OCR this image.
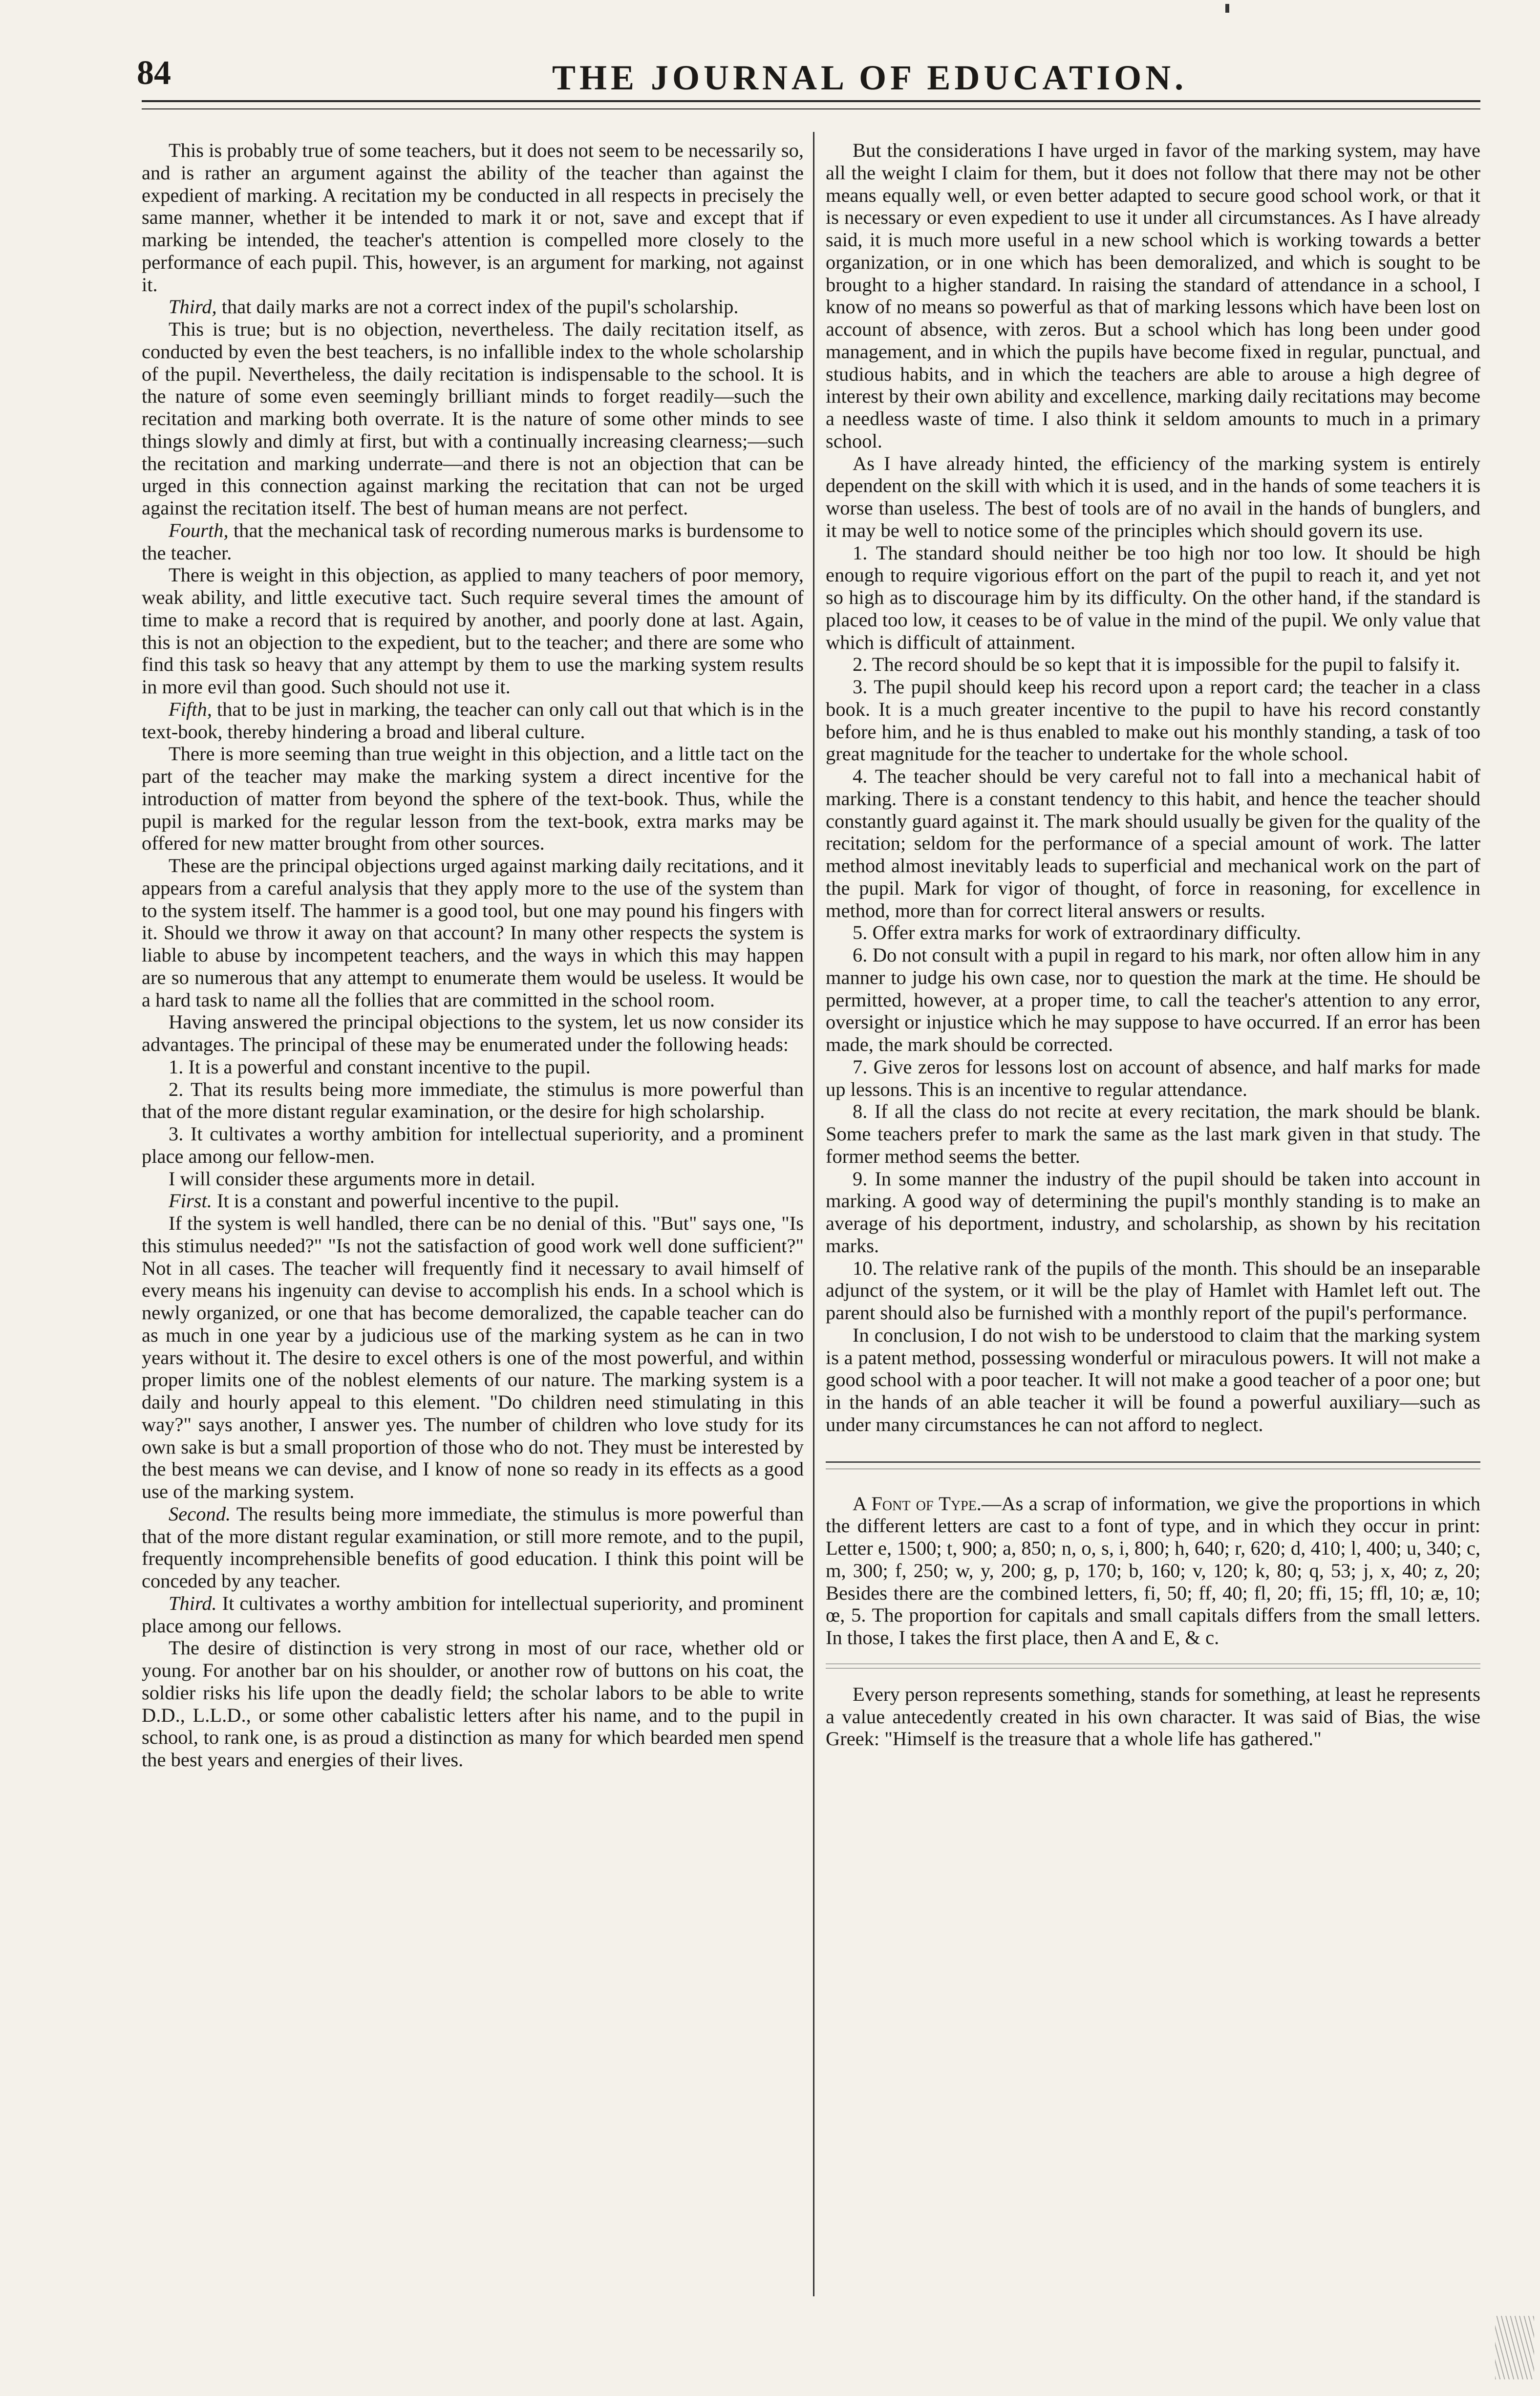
84	THE JOURNAL OF EDUCATION.

This is probably true of some teachers, but it does not seem to be necessarily so, and is rather an argument against the ability of the teacher than against the expedient of marking. A recitation my be conducted in all respects in precisely the same manner, whether it be intended to mark it or not, save and except that if marking be intended, the teacher's attention is compelled more closely to the performance of each pupil. This, however, is an argument for marking, not against it.

Third, that daily marks are not a correct index of the pupil's scholarship.

This is true; but is no objection, nevertheless. The daily recitation itself, as conducted by even the best teachers, is no infallible index to the whole scholarship of the pupil. Nevertheless, the daily recitation is indispensable to the school. It is the nature of some even seemingly brilliant minds to forget readily—such the recitation and marking both overrate. It is the nature of some other minds to see things slowly and dimly at first, but with a continually increasing clearness;—such the recitation and marking underrate—and there is not an objection that can be urged in this connection against marking the recitation that can not be urged against the recitation itself. The best of human means are not perfect.

Fourth, that the mechanical task of recording numerous marks is burdensome to the teacher.

There is weight in this objection, as applied to many teachers of poor memory, weak ability, and little executive tact. Such require several times the amount of time to make a record that is required by another, and poorly done at last. Again, this is not an objection to the expedient, but to the teacher; and there are some who find this task so heavy that any attempt by them to use the marking system results in more evil than good. Such should not use it.

Fifth, that to be just in marking, the teacher can only call out that which is in the text-book, thereby hindering a broad and liberal culture.

There is more seeming than true weight in this objection, and a little tact on the part of the teacher may make the marking system a direct incentive for the introduction of matter from beyond the sphere of the text-book. Thus, while the pupil is marked for the regular lesson from the text-book, extra marks may be offered for new matter brought from other sources.

These are the principal objections urged against marking daily recitations, and it appears from a careful analysis that they apply more to the use of the system than to the system itself. The hammer is a good tool, but one may pound his fingers with it. Should we throw it away on that account? In many other respects the system is liable to abuse by incompetent teachers, and the ways in which this may happen are so numerous that any attempt to enumerate them would be useless. It would be a hard task to name all the follies that are committed in the school room.

Having answered the principal objections to the system, let us now consider its advantages. The principal of these may be enumerated under the following heads:

1. It is a powerful and constant incentive to the pupil.

2. That its results being more immediate, the stimulus is more powerful than that of the more distant regular examination, or the desire for high scholarship.

3. It cultivates a worthy ambition for intellectual superiority, and a prominent place among our fellow-men.

I will consider these arguments more in detail.

First. It is a constant and powerful incentive to the pupil.

If the system is well handled, there can be no denial of this. "But" says one, "Is this stimulus needed?" "Is not the satisfaction of good work well done sufficient?" Not in all cases. The teacher will frequently find it necessary to avail himself of every means his ingenuity can devise to accomplish his ends. In a school which is newly organized, or one that has become demoralized, the capable teacher can do as much in one year by a judicious use of the marking system as he can in two years without it. The desire to excel others is one of the most powerful, and within proper limits one of the noblest elements of our nature. The marking system is a daily and hourly appeal to this element. "Do children need stimulating in this way?" says another, I answer yes. The number of children who love study for its own sake is but a small proportion of those who do not. They must be interested by the best means we can devise, and I know of none so ready in its effects as a good use of the marking system.

Second. The results being more immediate, the stimulus is more powerful than that of the more distant regular examination, or still more remote, and to the pupil, frequently incomprehensible benefits of good education. I think this point will be conceded by any teacher.

Third. It cultivates a worthy ambition for intellectual superiority, and prominent place among our fellows.

The desire of distinction is very strong in most of our race, whether old or young. For another bar on his shoulder, or another row of buttons on his coat, the soldier risks his life upon the deadly field; the scholar labors to be able to write D.D., L.L.D., or some other cabalistic letters after his name, and to the pupil in school, to rank one, is as proud a distinction as many for which bearded men spend the best years and energies of their lives.

But the considerations I have urged in favor of the marking system, may have all the weight I claim for them, but it does not follow that there may not be other means equally well, or even better adapted to secure good school work, or that it is necessary or even expedient to use it under all circumstances. As I have already said, it is much more useful in a new school which is working towards a better organization, or in one which has been demoralized, and which is sought to be brought to a higher standard. In raising the standard of attendance in a school, I know of no means so powerful as that of marking lessons which have been lost on account of absence, with zeros. But a school which has long been under good management, and in which the pupils have become fixed in regular, punctual, and studious habits, and in which the teachers are able to arouse a high degree of interest by their own ability and excellence, marking daily recitations may become a needless waste of time. I also think it seldom amounts to much in a primary school.

As I have already hinted, the efficiency of the marking system is entirely dependent on the skill with which it is used, and in the hands of some teachers it is worse than useless. The best of tools are of no avail in the hands of bunglers, and it may be well to notice some of the principles which should govern its use.

1. The standard should neither be too high nor too low. It should be high enough to require vigorious effort on the part of the pupil to reach it, and yet not so high as to discourage him by its difficulty. On the other hand, if the standard is placed too low, it ceases to be of value in the mind of the pupil. We only value that which is difficult of attainment.

2. The record should be so kept that it is impossible for the pupil to falsify it.

3. The pupil should keep his record upon a report card; the teacher in a class book. It is a much greater incentive to the pupil to have his record constantly before him, and he is thus enabled to make out his monthly standing, a task of too great magnitude for the teacher to undertake for the whole school.

4. The teacher should be very careful not to fall into a mechanical habit of marking. There is a constant tendency to this habit, and hence the teacher should constantly guard against it. The mark should usually be given for the quality of the recitation; seldom for the performance of a special amount of work. The latter method almost inevitably leads to superficial and mechanical work on the part of the pupil. Mark for vigor of thought, of force in reasoning, for excellence in method, more than for correct literal answers or results.

5. Offer extra marks for work of extraordinary difficulty.

6. Do not consult with a pupil in regard to his mark, nor often allow him in any manner to judge his own case, nor to question the mark at the time. He should be permitted, however, at a proper time, to call the teacher's attention to any error, oversight or injustice which he may suppose to have occurred. If an error has been made, the mark should be corrected.

7. Give zeros for lessons lost on account of absence, and half marks for made up lessons. This is an incentive to regular attendance.

8. If all the class do not recite at every recitation, the mark should be blank. Some teachers prefer to mark the same as the last mark given in that study. The former method seems the better.

9. In some manner the industry of the pupil should be taken into account in marking. A good way of determining the pupil's monthly standing is to make an average of his deportment, industry, and scholarship, as shown by his recitation marks.

10. The relative rank of the pupils of the month. This should be an inseparable adjunct of the system, or it will be the play of Hamlet with Hamlet left out. The parent should also be furnished with a monthly report of the pupil's performance.

In conclusion, I do not wish to be understood to claim that the marking system is a patent method, possessing wonderful or miraculous powers. It will not make a good school with a poor teacher. It will not make a good teacher of a poor one; but in the hands of an able teacher it will be found a powerful auxiliary—such as under many circumstances he can not afford to neglect.

A Font of Type.—As a scrap of information, we give the proportions in which the different letters are cast to a font of type, and in which they occur in print: Letter e, 1500; t, 900; a, 850; n, o, s, i, 800; h, 640; r, 620; d, 410; l, 400; u, 340; c, m, 300; f, 250; w, y, 200; g, p, 170; b, 160; v, 120; k, 80; q, 53; j, x, 40; z, 20; Besides there are the combined letters, fi, 50; ff, 40; fl, 20; ffi, 15; ffl, 10; æ, 10; œ, 5. The proportion for capitals and small capitals differs from the small letters. In those, I takes the first place, then A and E, & c.

Every person represents something, stands for something, at least he represents a value antecedently created in his own character. It was said of Bias, the wise Greek: "Himself is the treasure that a whole life has gathered."
